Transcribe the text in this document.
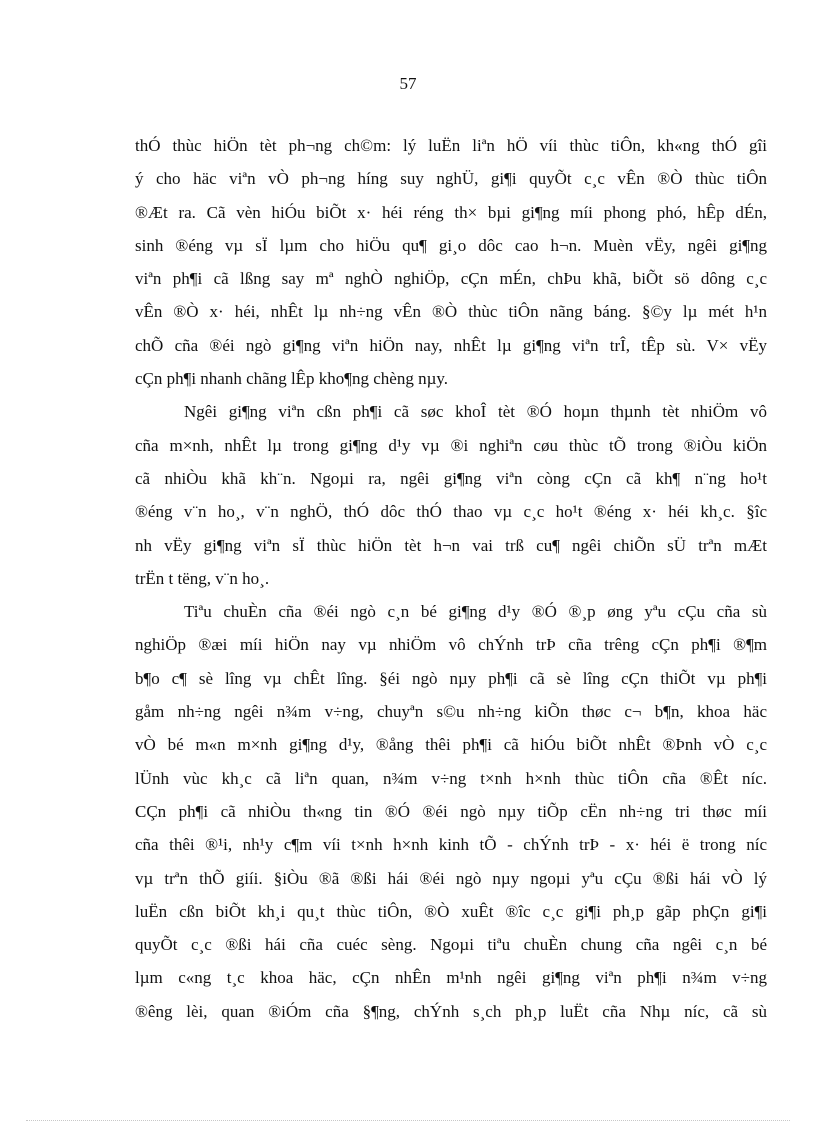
57

thÓ thùc hiÖn tèt ph¬ng ch©m: lý luËn liªn hÖ víi thùc tiÔn, kh«ng thÓ gîi
ý cho häc viªn vÒ ph¬ng híng suy nghÜ, gi¶i quyÕt c¸c vÊn ®Ò thùc tiÔn
®Æt ra. Cã vèn hiÓu biÕt x· héi réng th× bµi gi¶ng míi phong phó, hÊp dÉn,
sinh ®éng vµ sÏ lµm cho hiÖu qu¶ gi¸o dôc cao h¬n. Muèn vËy, ngêi gi¶ng
viªn ph¶i cã lßng say mª nghÒ nghiÖp, cÇn mÉn, chÞu khã, biÕt sö dông c¸c
vÊn ®Ò x· héi, nhÊt lµ nh÷ng vÊn ®Ò thùc tiÔn nãng báng. §©y lµ mét h¹n
chÕ cña ®éi ngò gi¶ng viªn hiÖn nay, nhÊt lµ gi¶ng viªn trÎ, tÊp sù. V× vËy
cÇn ph¶i nhanh chãng lÊp kho¶ng chèng nµy.

Ngêi gi¶ng viªn cßn ph¶i cã søc khoÎ tèt ®Ó hoµn thµnh tèt nhiÖm vô
cña m×nh, nhÊt lµ trong gi¶ng d¹y vµ ®i nghiªn cøu thùc tÕ trong ®iÒu kiÖn
cã nhiÒu khã kh¨n. Ngoµi ra, ngêi gi¶ng viªn còng cÇn cã kh¶ n¨ng ho¹t
®éng v¨n ho¸, v¨n nghÖ, thÓ dôc thÓ thao vµ c¸c ho¹t ®éng x· héi kh¸c. §îc
nh vËy gi¶ng viªn sÏ thùc hiÖn tèt h¬n vai trß cu¶ ngêi chiÕn sÜ trªn mÆt
trËn t tëng, v¨n ho¸.

Tiªu chuÈn cña ®éi ngò c¸n bé gi¶ng d¹y ®Ó ®¸p øng yªu cÇu cña sù
nghiÖp ®æi míi hiÖn nay vµ nhiÖm vô chÝnh trÞ cña trêng cÇn ph¶i ®¶m
b¶o c¶ sè lîng vµ chÊt lîng. §éi ngò nµy ph¶i cã sè lîng cÇn thiÕt vµ ph¶i
gåm nh÷ng ngêi n¾m v÷ng, chuyªn s©u nh÷ng kiÕn thøc c¬ b¶n, khoa häc
vÒ bé m«n m×nh gi¶ng d¹y, ®ång thêi ph¶i cã hiÓu biÕt nhÊt ®Þnh vÒ c¸c
lÜnh vùc kh¸c cã liªn quan, n¾m v÷ng t×nh h×nh thùc tiÔn cña ®Êt níc.
CÇn ph¶i cã nhiÒu th«ng tin ®Ó ®éi ngò nµy tiÕp cËn nh÷ng tri thøc míi
cña thêi ®¹i, nh¹y c¶m víi t×nh h×nh kinh tÕ - chÝnh trÞ - x· héi ë trong níc
vµ trªn thÕ giíi. §iÒu ®ã ®ßi hái ®éi ngò nµy ngoµi yªu cÇu ®ßi hái vÒ lý
luËn cßn biÕt kh¸i qu¸t thùc tiÔn, ®Ò xuÊt ®îc c¸c gi¶i ph¸p gãp phÇn gi¶i
quyÕt c¸c ®ßi hái cña cuéc sèng. Ngoµi tiªu chuÈn chung cña ngêi c¸n bé
lµm c«ng t¸c khoa häc, cÇn nhÊn m¹nh ngêi gi¶ng viªn ph¶i n¾m v÷ng
®êng lèi, quan ®iÓm cña §¶ng, chÝnh s¸ch ph¸p luËt cña Nhµ níc, cã sù
